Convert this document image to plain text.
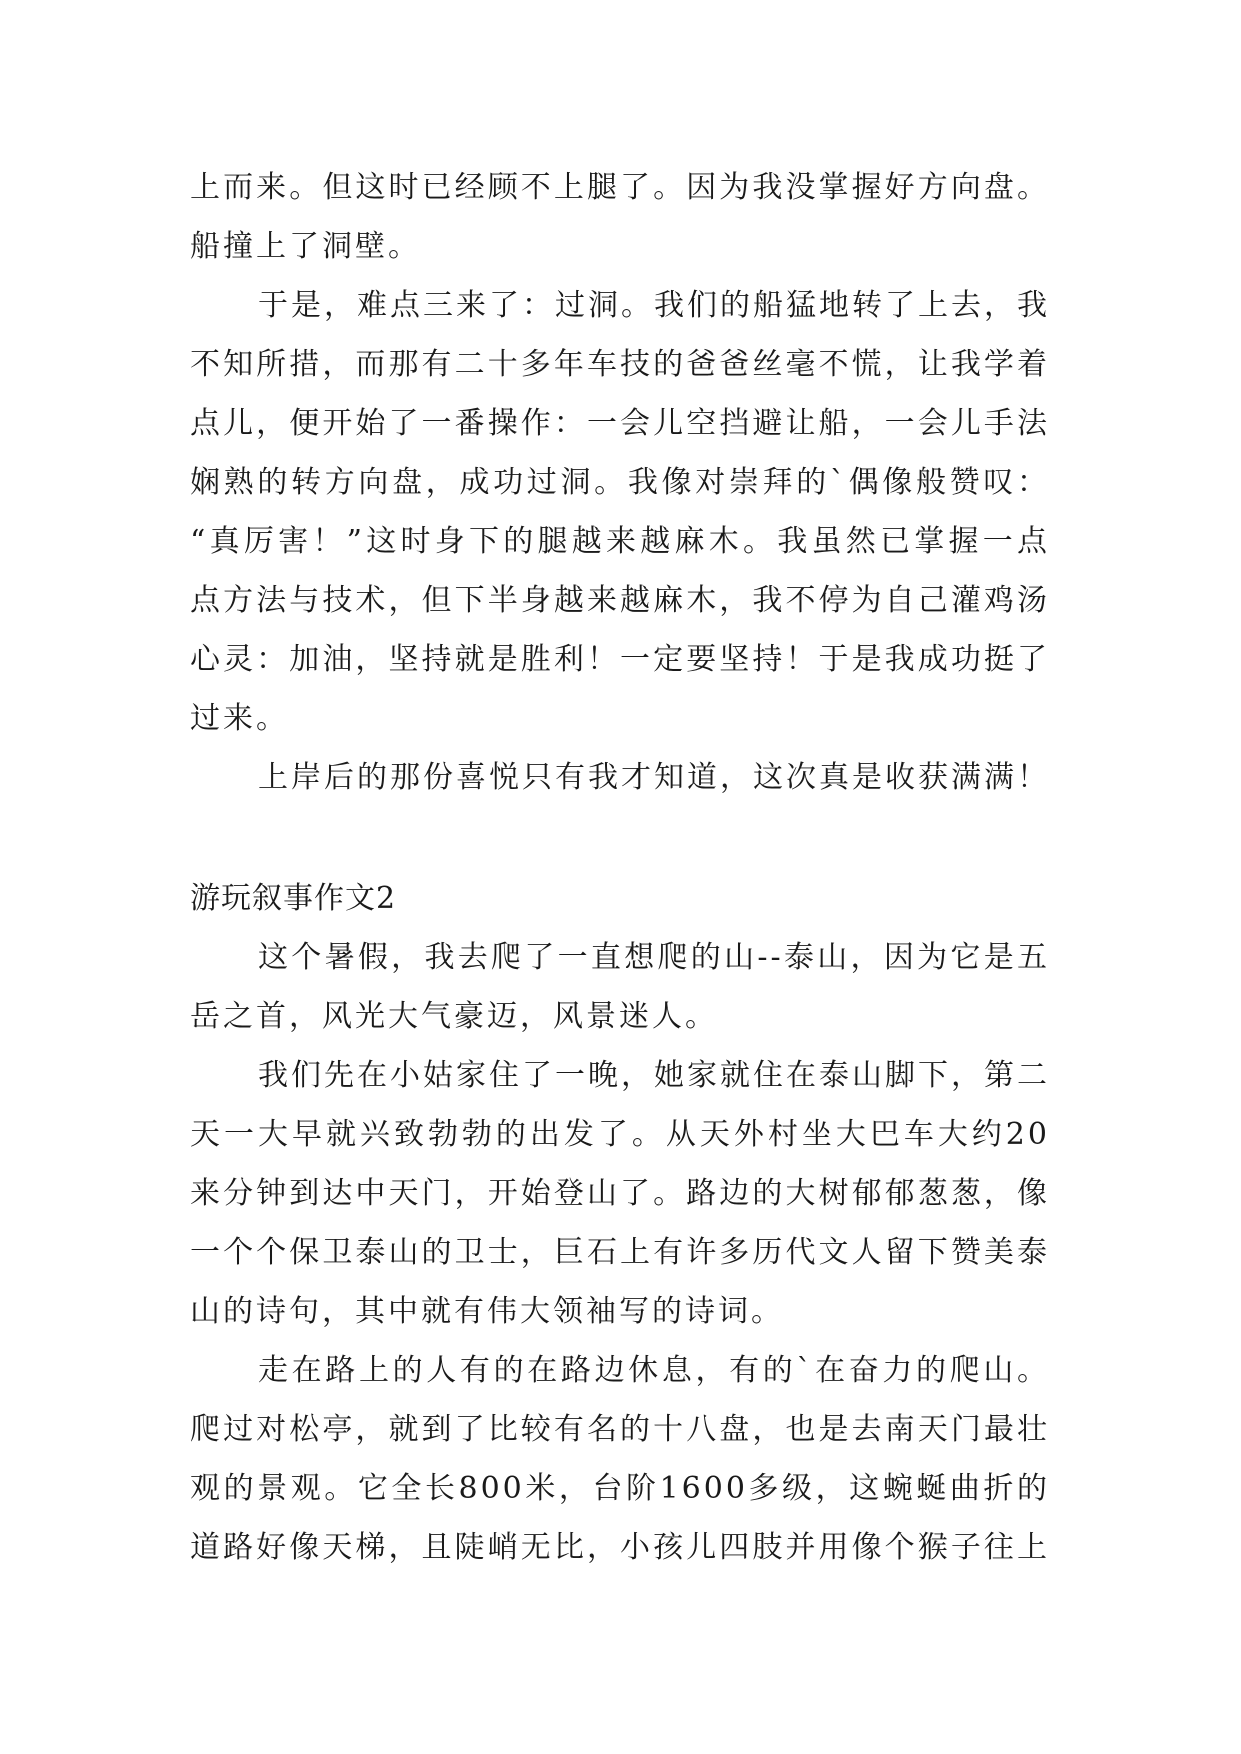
上而来。但这时已经顾不上腿了。因为我没掌握好方向盘。
船撞上了洞壁。
于是，难点三来了：过洞。我们的船猛地转了上去，我
不知所措，而那有二十多年车技的爸爸丝毫不慌，让我学着
点儿，便开始了一番操作：一会儿空挡避让船，一会儿手法
娴熟的转方向盘，成功过洞。我像对崇拜的`偶像般赞叹：
“真厉害！”这时身下的腿越来越麻木。我虽然已掌握一点
点方法与技术，但下半身越来越麻木，我不停为自己灌鸡汤
心灵：加油，坚持就是胜利！一定要坚持！于是我成功挺了
过来。
上岸后的那份喜悦只有我才知道，这次真是收获满满！
游玩叙事作文2
这个暑假，我去爬了一直想爬的山--泰山，因为它是五
岳之首，风光大气豪迈，风景迷人。
我们先在小姑家住了一晚，她家就住在泰山脚下，第二
天一大早就兴致勃勃的出发了。从天外村坐大巴车大约20
来分钟到达中天门，开始登山了。路边的大树郁郁葱葱，像
一个个保卫泰山的卫士，巨石上有许多历代文人留下赞美泰
山的诗句，其中就有伟大领袖写的诗词。
走在路上的人有的在路边休息，有的`在奋力的爬山。
爬过对松亭，就到了比较有名的十八盘，也是去南天门最壮
观的景观。它全长800米，台阶1600多级，这蜿蜒曲折的
道路好像天梯，且陡峭无比，小孩儿四肢并用像个猴子往上
